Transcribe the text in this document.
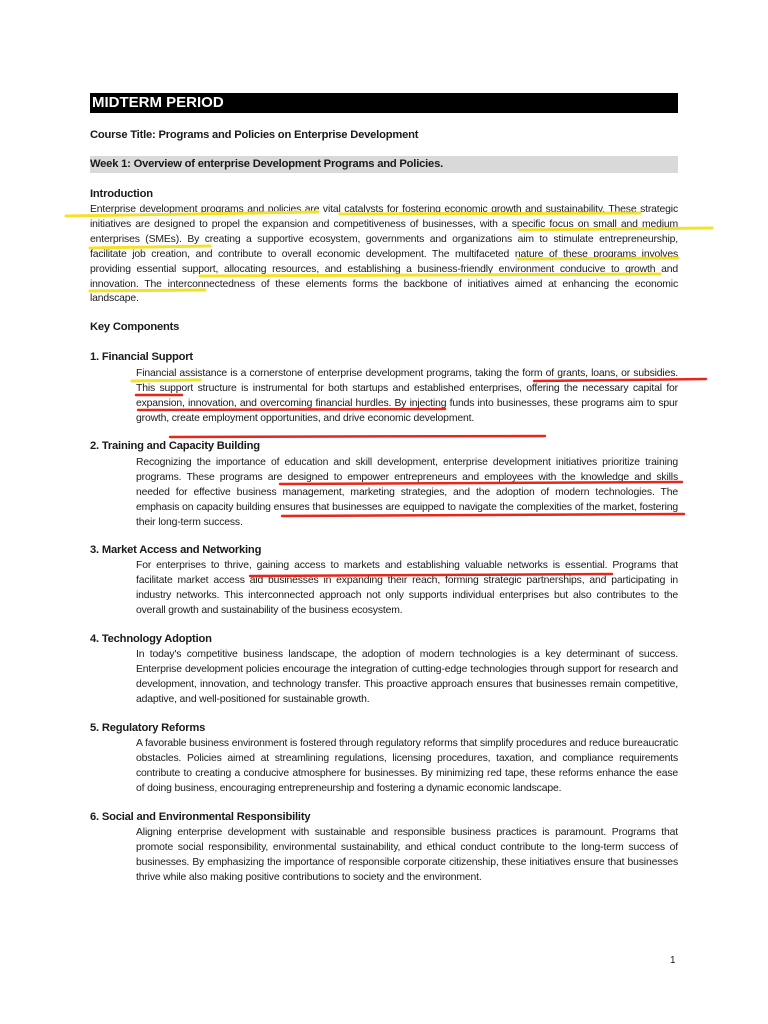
MIDTERM PERIOD
Course Title: Programs and Policies on Enterprise Development
Week 1: Overview of enterprise Development Programs and Policies.
Introduction

Enterprise development programs and policies are vital catalysts for fostering economic growth and sustainability. These strategic initiatives are designed to propel the expansion and competitiveness of businesses, with a specific focus on small and medium enterprises (SMEs). By creating a supportive ecosystem, governments and organizations aim to stimulate entrepreneurship, facilitate job creation, and contribute to overall economic development. The multifaceted nature of these programs involves providing essential support, allocating resources, and establishing a business-friendly environment conducive to growth and innovation. The interconnectedness of these elements forms the backbone of initiatives aimed at enhancing the economic landscape.

Key Components
1. Financial Support

Financial assistance is a cornerstone of enterprise development programs, taking the form of grants, loans, or subsidies. This support structure is instrumental for both startups and established enterprises, offering the necessary capital for expansion, innovation, and overcoming financial hurdles. By injecting funds into businesses, these programs aim to spur growth, create employment opportunities, and drive economic development.

2. Training and Capacity Building

Recognizing the importance of education and skill development, enterprise development initiatives prioritize training programs. These programs are designed to empower entrepreneurs and employees with the knowledge and skills needed for effective business management, marketing strategies, and the adoption of modern technologies. The emphasis on capacity building ensures that businesses are equipped to navigate the complexities of the market, fostering their long-term success.

3. Market Access and Networking

For enterprises to thrive, gaining access to markets and establishing valuable networks is essential. Programs that facilitate market access aid businesses in expanding their reach, forming strategic partnerships, and participating in industry networks. This interconnected approach not only supports individual enterprises but also contributes to the overall growth and sustainability of the business ecosystem.

4. Technology Adoption

In today's competitive business landscape, the adoption of modern technologies is a key determinant of success. Enterprise development policies encourage the integration of cutting-edge technologies through support for research and development, innovation, and technology transfer. This proactive approach ensures that businesses remain competitive, adaptive, and well-positioned for sustainable growth.

5. Regulatory Reforms

A favorable business environment is fostered through regulatory reforms that simplify procedures and reduce bureaucratic obstacles. Policies aimed at streamlining regulations, licensing procedures, taxation, and compliance requirements contribute to creating a conducive atmosphere for businesses. By minimizing red tape, these reforms enhance the ease of doing business, encouraging entrepreneurship and fostering a dynamic economic landscape.

6. Social and Environmental Responsibility

Aligning enterprise development with sustainable and responsible business practices is paramount. Programs that promote social responsibility, environmental sustainability, and ethical conduct contribute to the long-term success of businesses. By emphasizing the importance of responsible corporate citizenship, these initiatives ensure that businesses thrive while also making positive contributions to society and the environment.

1
